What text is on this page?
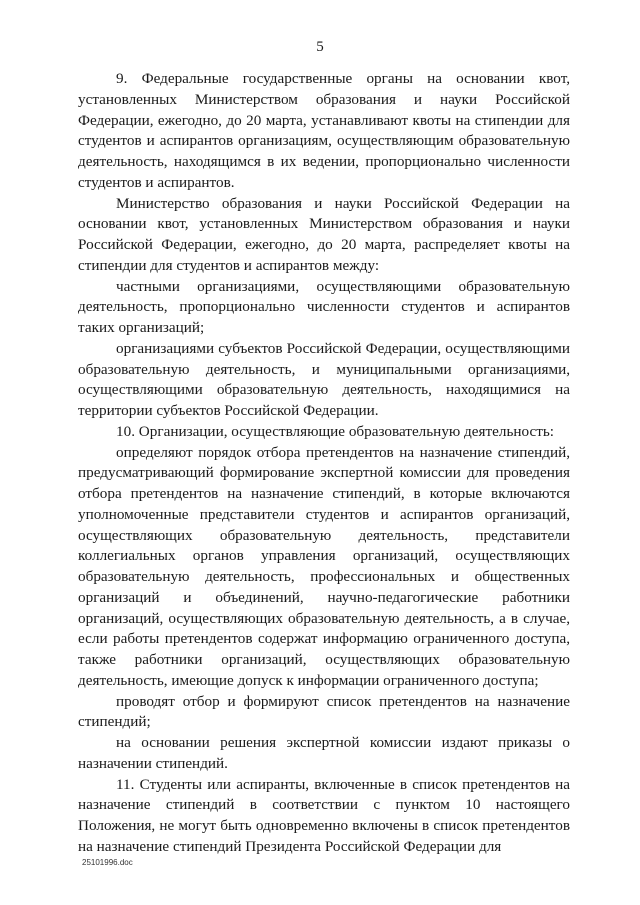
5

9. Федеральные государственные органы на основании квот, установленных Министерством образования и науки Российской Федерации, ежегодно, до 20 марта, устанавливают квоты на стипендии для студентов и аспирантов организациям, осуществляющим образовательную деятельность, находящимся в их ведении, пропорционально численности студентов и аспирантов.

Министерство образования и науки Российской Федерации на основании квот, установленных Министерством образования и науки Российской Федерации, ежегодно, до 20 марта, распределяет квоты на стипендии для студентов и аспирантов между:

частными организациями, осуществляющими образовательную деятельность, пропорционально численности студентов и аспирантов таких организаций;

организациями субъектов Российской Федерации, осуществляющими образовательную деятельность, и муниципальными организациями, осуществляющими образовательную деятельность, находящимися на территории субъектов Российской Федерации.

10. Организации, осуществляющие образовательную деятельность:

определяют порядок отбора претендентов на назначение стипендий, предусматривающий формирование экспертной комиссии для проведения отбора претендентов на назначение стипендий, в которые включаются уполномоченные представители студентов и аспирантов организаций, осуществляющих образовательную деятельность, представители коллегиальных органов управления организаций, осуществляющих образовательную деятельность, профессиональных и общественных организаций и объединений, научно-педагогические работники организаций, осуществляющих образовательную деятельность, а в случае, если работы претендентов содержат информацию ограниченного доступа, также работники организаций, осуществляющих образовательную деятельность, имеющие допуск к информации ограниченного доступа;

проводят отбор и формируют список претендентов на назначение стипендий;

на основании решения экспертной комиссии издают приказы о назначении стипендий.

11. Студенты или аспиранты, включенные в список претендентов на назначение стипендий в соответствии с пунктом 10 настоящего Положения, не могут быть одновременно включены в список претендентов на назначение стипендий Президента Российской Федерации для

25101996.doc
